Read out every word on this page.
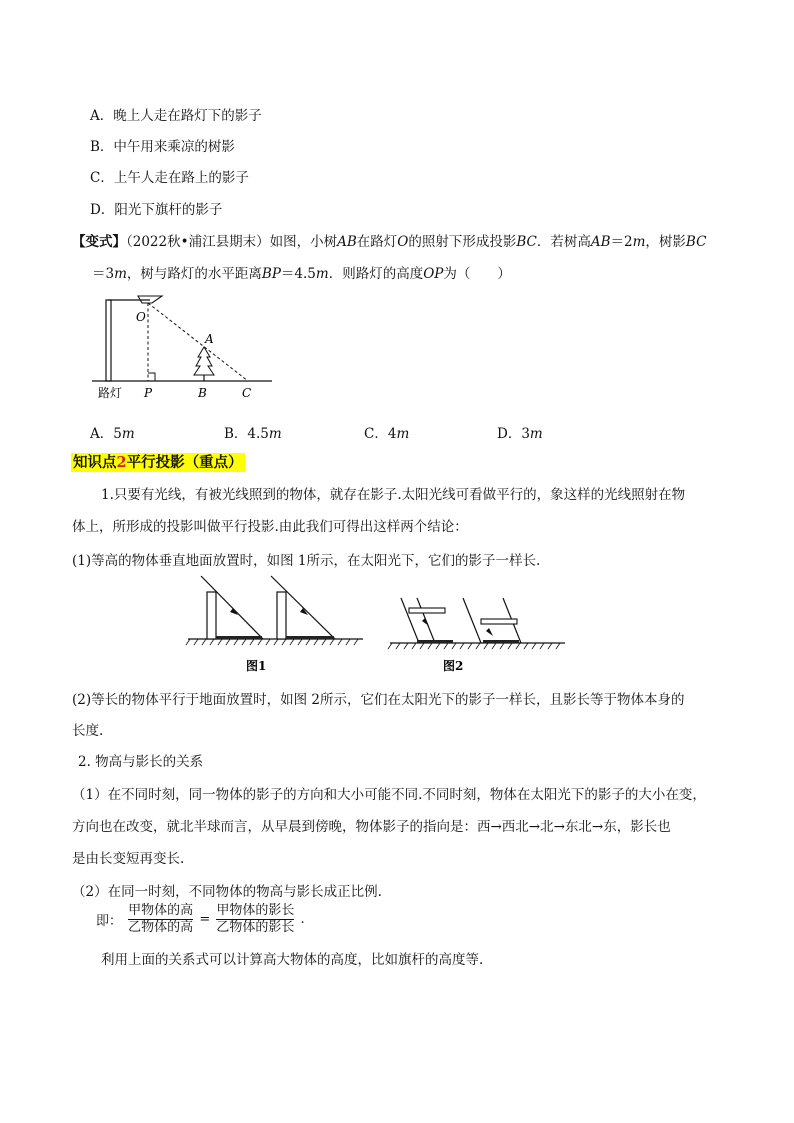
A．晚上人走在路灯下的影子
B．中午用来乘凉的树影
C．上午人走在路上的影子
D．阳光下旗杆的影子
【变式】（2022秋•浦江县期末）如图，小树AB在路灯O的照射下形成投影BC．若树高AB＝2m，树影BC
＝3m，树与路灯的水平距离BP＝4.5m．则路灯的高度OP为（　　）
O
A
P	B	C
路灯
A．5m	B．4.5m	C．4m	D．3m
知识点2平行投影（重点）
1.只要有光线，有被光线照到的物体，就存在影子.太阳光线可看做平行的，象这样的光线照射在物
体上，所形成的投影叫做平行投影.由此我们可得出这样两个结论：
(1)等高的物体垂直地面放置时，如图 1所示，在太阳光下，它们的影子一样长.
图1	图2
(2)等长的物体平行于地面放置时，如图 2所示，它们在太阳光下的影子一样长，且影长等于物体本身的
长度.
2. 物高与影长的关系
（1）在不同时刻，同一物体的影子的方向和大小可能不同.不同时刻，物体在太阳光下的影子的大小在变，
方向也在改变，就北半球而言，从早晨到傍晚，物体影子的指向是：西→西北→北→东北→东，影长也
是由长变短再变长.
（2）在同一时刻，不同物体的物高与影长成正比例.
即： $\frac{\text{甲物体的高}}{\text{乙物体的高}} = \frac{\text{甲物体的影长}}{\text{乙物体的影长}}$ .
利用上面的关系式可以计算高大物体的高度，比如旗杆的高度等.
